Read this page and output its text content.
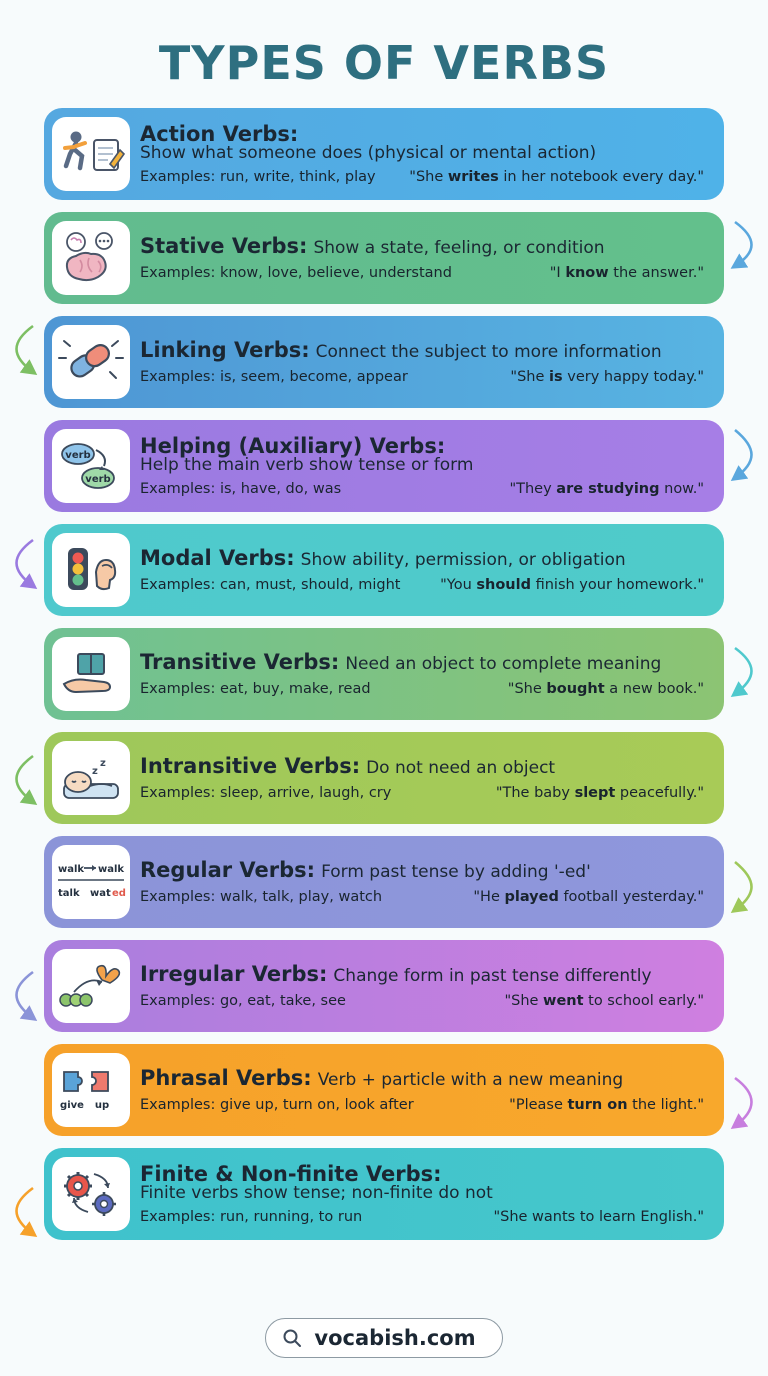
TYPES OF VERBS
Action Verbs:
Show what someone does (physical or mental action)
Examples: run, write, think, play "She writes in her notebook every day."
Stative Verbs: Show a state, feeling, or condition
Examples: know, love, believe, understand	"I know the answer."
Linking Verbs: Connect the subject to more information
Examples: is, seem, become, appear	"She is very happy today."
verb
verb
Helping (Auxiliary) Verbs:
Help the main verb show tense or form
Examples: is, have, do, was	"They are studying now."
Modal Verbs: Show ability, permission, or obligation
Examples: can, must, should, might	"You should finish your homework."
Transitive Verbs: Need an object to complete meaning
Examples: eat, buy, make, read	"She bought a new book."
z
z Intransitive Verbs: Do not need an object
Examples: sleep, arrive, laugh, cry	"The baby slept peacefully."
walk walk
talk wat ed
Regular Verbs: Form past tense by adding '-ed'
Examples: walk, talk, play, watch	"He played football yesterday."
Irregular Verbs: Change form in past tense differently
Examples: go, eat, take, see	"She went to school early."
give up
Phrasal Verbs: Verb + particle with a new meaning
Examples: give up, turn on, look after	"Please turn on the light."
Finite & Non-finite Verbs:
Finite verbs show tense; non-finite do not
Examples: run, running, to run	"She wants to learn English."
vocabish.com
